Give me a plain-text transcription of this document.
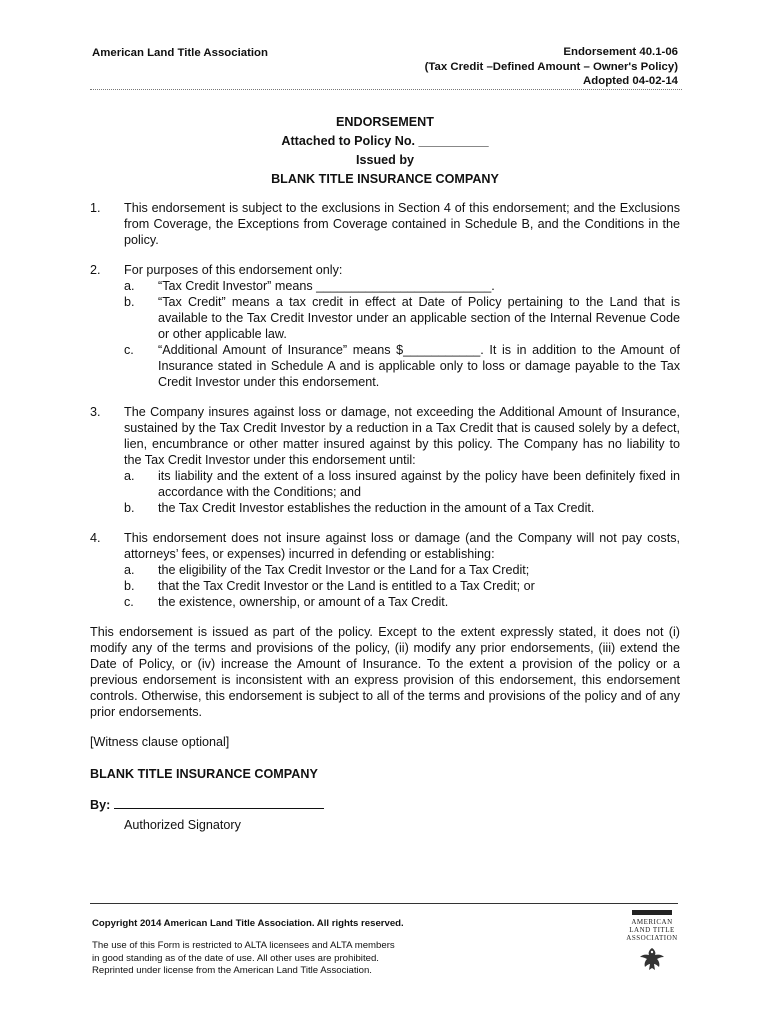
American Land Title Association	Endorsement 40.1-06
(Tax Credit –Defined Amount – Owner's Policy)
Adopted 04-02-14
ENDORSEMENT
Attached to Policy No. __________
Issued by
BLANK TITLE INSURANCE COMPANY
1.	This endorsement is subject to the exclusions in Section 4 of this endorsement; and the Exclusions from Coverage, the Exceptions from Coverage contained in Schedule B, and the Conditions in the policy.

2.	For purposes of this endorsement only:

a.	“Tax Credit Investor” means _________________________.
b.	“Tax Credit” means a tax credit in effect at Date of Policy pertaining to the Land that is available to the Tax Credit Investor under an applicable section of the Internal Revenue Code or other applicable law.
c.	“Additional Amount of Insurance” means $___________. It is in addition to the Amount of Insurance stated in Schedule A and is applicable only to loss or damage payable to the Tax Credit Investor under this endorsement.
3.	The Company insures against loss or damage, not exceeding the Additional Amount of Insurance, sustained by the Tax Credit Investor by a reduction in a Tax Credit that is caused solely by a defect, lien, encumbrance or other matter insured against by this policy. The Company has no liability to the Tax Credit Investor under this endorsement until:

a.	its liability and the extent of a loss insured against by the policy have been definitely fixed in accordance with the Conditions; and
b.	the Tax Credit Investor establishes the reduction in the amount of a Tax Credit.
4.	This endorsement does not insure against loss or damage (and the Company will not pay costs, attorneys’ fees, or expenses) incurred in defending or establishing:

a.	the eligibility of the Tax Credit Investor or the Land for a Tax Credit;
b.	that the Tax Credit Investor or the Land is entitled to a Tax Credit; or
c.	the existence, ownership, or amount of a Tax Credit.

This endorsement is issued as part of the policy. Except to the extent expressly stated, it does not (i) modify any of the terms and provisions of the policy, (ii) modify any prior endorsements, (iii) extend the Date of Policy, or (iv) increase the Amount of Insurance. To the extent a provision of the policy or a previous endorsement is inconsistent with an express provision of this endorsement, this endorsement controls. Otherwise, this endorsement is subject to all of the terms and provisions of the policy and of any prior endorsements.

[Witness clause optional]
BLANK TITLE INSURANCE COMPANY
By:
Authorized Signatory
Copyright 2014 American Land Title Association. All rights reserved.
The use of this Form is restricted to ALTA licensees and ALTA members
in good standing as of the date of use. All other uses are prohibited.
Reprinted under license from the American Land Title Association.
AMERICAN
LAND TITLE
ASSOCIATION
